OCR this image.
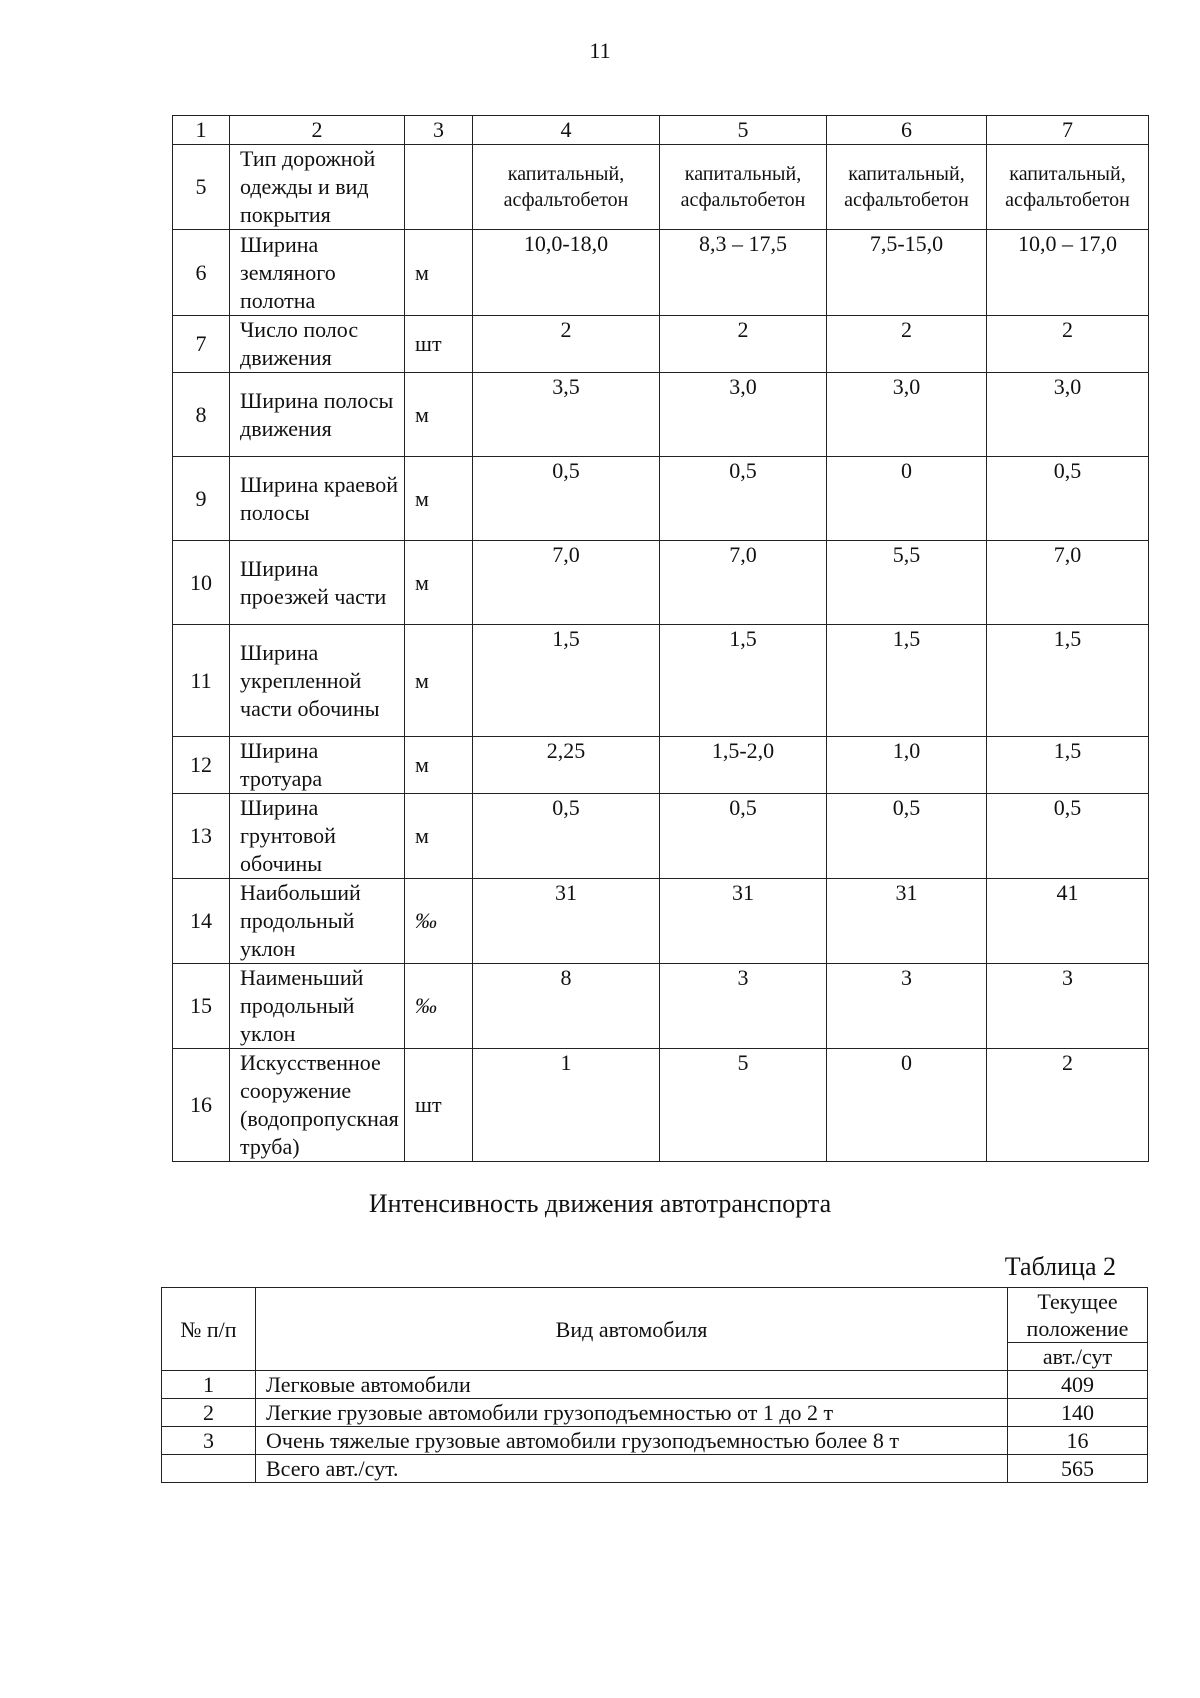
11
1	2	3	4	5	6	7
5	Тип дорожной одежды и вид покрытия		капитальный, асфальтобетон	капитальный, асфальтобетон	капитальный, асфальтобетон	капитальный, асфальтобетон
6	Ширина земляного полотна	м	10,0-18,0	8,3 – 17,5	7,5-15,0	10,0 – 17,0
7	Число полос движения	шт	2	2	2	2
8	Ширина полосы движения	м	3,5	3,0	3,0	3,0
9	Ширина краевой полосы	м	0,5	0,5	0	0,5
10	Ширина проезжей части	м	7,0	7,0	5,5	7,0
11	Ширина укрепленной части обочины	м	1,5	1,5	1,5	1,5
12	Ширина тротуара	м	2,25	1,5-2,0	1,0	1,5
13	Ширина грунтовой обочины	м	0,5	0,5	0,5	0,5
14	Наибольший продольный уклон	‰	31	31	31	41
15	Наименьший продольный уклон	‰	8	3	3	3
16	Искусственное сооружение (водопропускная труба)	шт	1	5	0	2
Интенсивность движения автотранспорта
Таблица 2
№ п/п	Вид автомобиля	Текущее положение
		авт./сут
1	Легковые автомобили	409
2	Легкие грузовые автомобили грузоподъемностью от 1 до 2 т	140
3	Очень тяжелые грузовые автомобили грузоподъемностью более 8 т	16
	Всего авт./сут.	565
